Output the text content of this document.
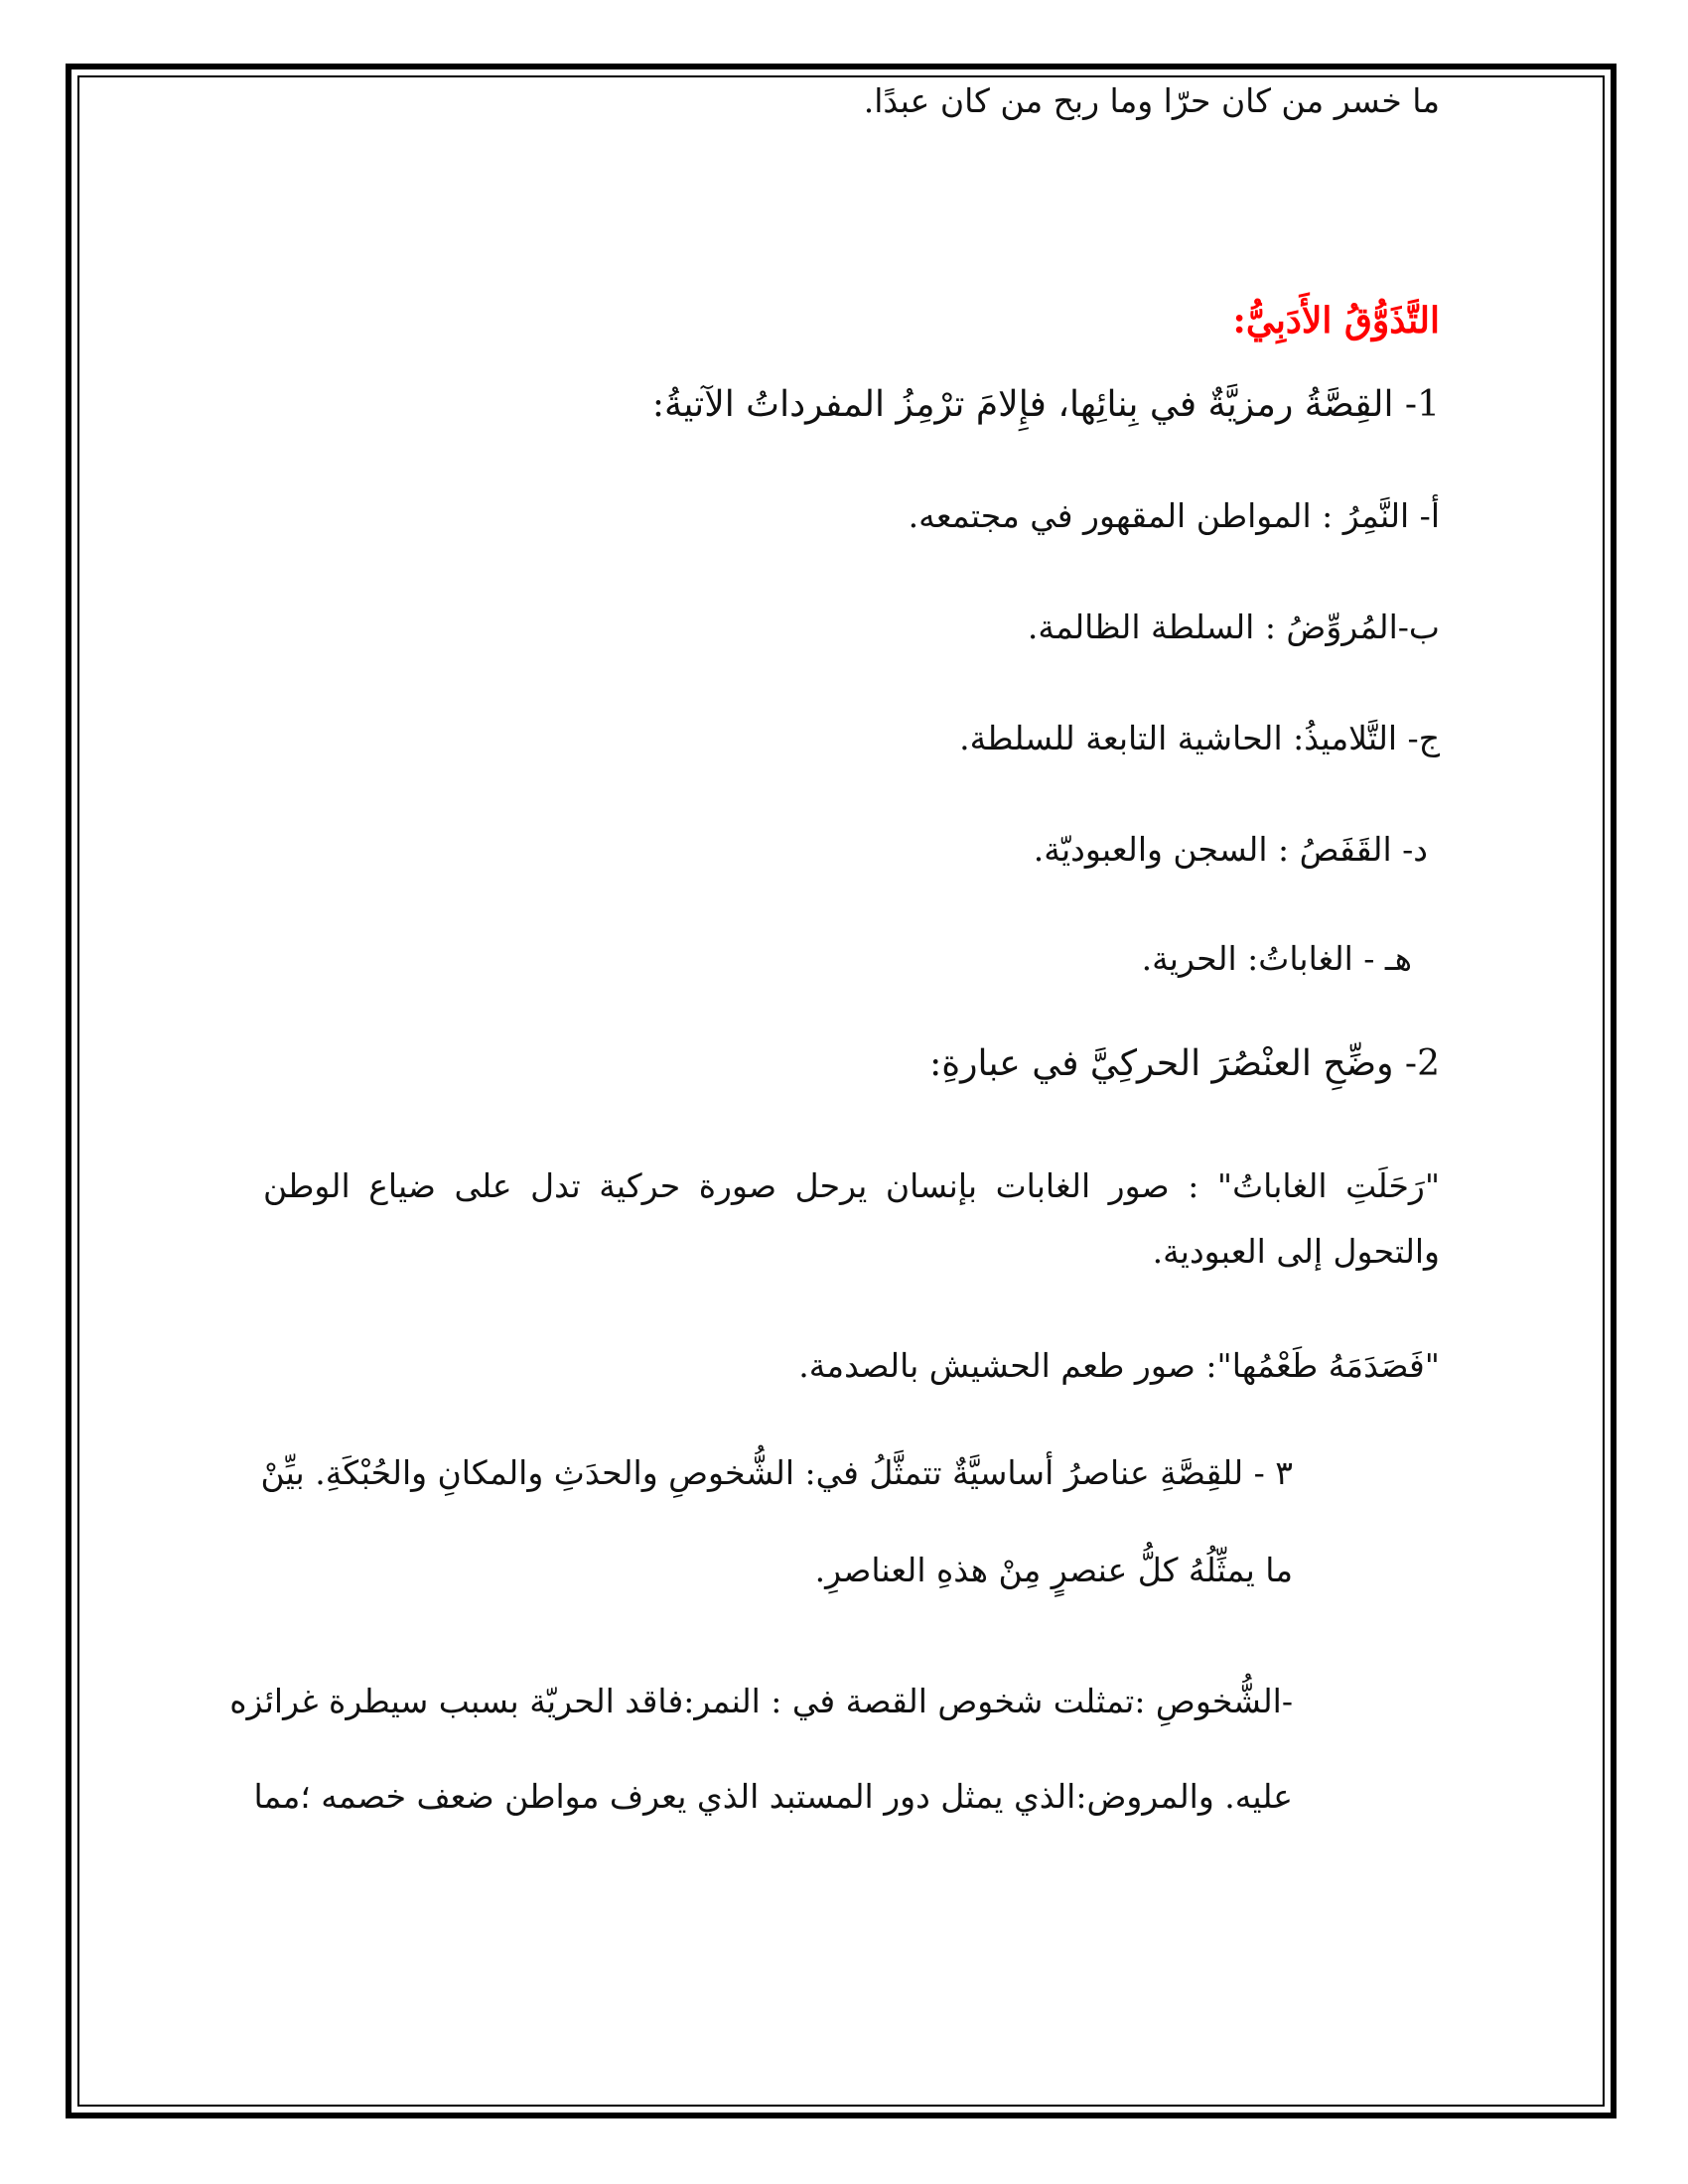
ما خسر من كان حرّا وما ربح من كان عبدًا.
التَّذَوُّقُ الأَدَبِيُّ:
1- القِصَّةُ رمزيَّةٌ في بِنائِها، فإِلامَ ترْمِزُ المفرداتُ الآتيةُ:
أ- النَّمِرُ : المواطن المقهور في مجتمعه.
ب-المُروِّضُ : السلطة الظالمة.
ج- التَّلاميذُ: الحاشية التابعة للسلطة.
د- القَفَصُ : السجن والعبوديّة.
هـ - الغاباتُ: الحرية.
2- وضِّحِ العنْصُرَ الحركِيَّ في عبارةِ:
"رَحَلَتِ الغاباتُ" : صور الغابات بإنسان يرحل صورة حركية تدل على ضياع الوطن والتحول إلى العبودية.
"فَصَدَمَهُ طَعْمُها": صور طعم الحشيش بالصدمة.
٣ - للقِصَّةِ عناصرُ أساسيَّةٌ تتمثَّلُ في: الشُّخوصِ والحدَثِ والمكانِ والحُبْكَةِ. بيِّنْ
ما يمثِّلُهُ كلُّ عنصرٍ مِنْ هذهِ العناصرِ.
-الشُّخوصِ :تمثلت شخوص القصة في : النمر:فاقد الحريّة بسبب سيطرة غرائزه
عليه. والمروض:الذي يمثل دور المستبد الذي يعرف مواطن ضعف خصمه ؛مما
